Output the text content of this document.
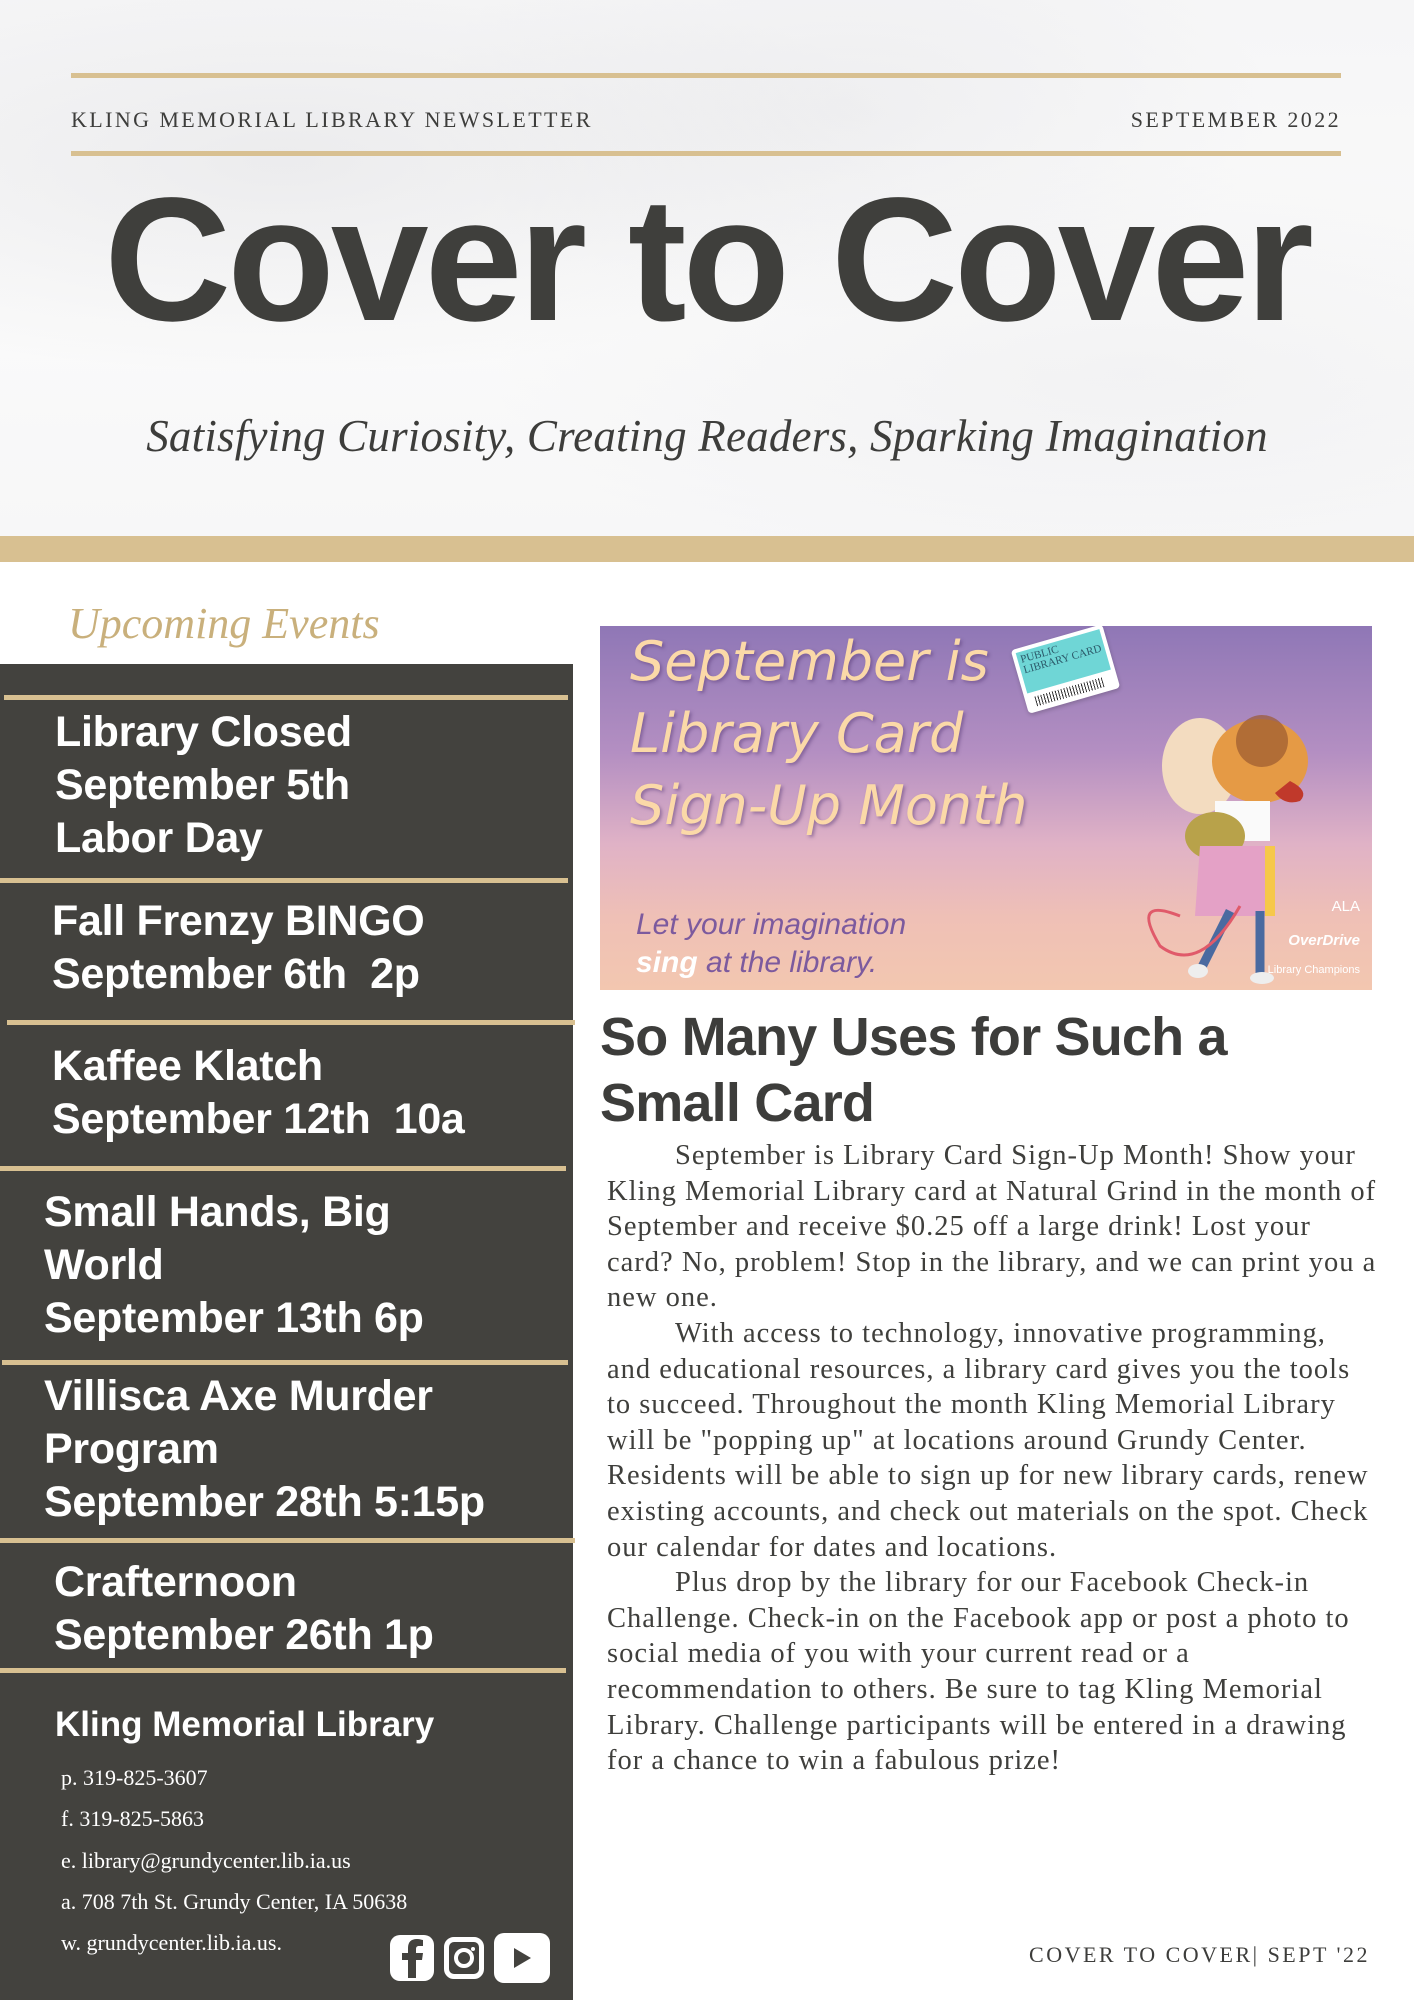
KLING MEMORIAL LIBRARY NEWSLETTER	SEPTEMBER 2022
Cover to Cover
Satisfying Curiosity, Creating Readers, Sparking Imagination
Upcoming Events
Library Closed
September 5th
Labor Day
Fall Frenzy BINGO
September 6th  2p
Kaffee Klatch
September 12th  10a
Small Hands, Big
World
September 13th 6p
Villisca Axe Murder
Program
September 28th 5:15p
Crafternoon
September 26th 1p
Kling Memorial Library
p. 319-825-3607
f. 319-825-5863
e. library@grundycenter.lib.ia.us
a. 708 7th St. Grundy Center, IA 50638
w. grundycenter.lib.ia.us.
September is
Library Card
Sign-Up Month
Let your imagination
sing at the library.
PUBLIC LIBRARY CARD
ALA
OverDrive
Library Champions
So Many Uses for Such a Small Card

September is Library Card Sign-Up Month! Show your Kling Memorial Library card at Natural Grind in the month of September and receive $0.25 off a large drink! Lost your card? No, problem! Stop in the library, and we can print you a new one.

With access to technology, innovative programming, and educational resources, a library card gives you the tools to succeed. Throughout the month Kling Memorial Library will be "popping up" at locations around Grundy Center. Residents will be able to sign up for new library cards, renew existing accounts, and check out materials on the spot. Check our calendar for dates and locations.

Plus drop by the library for our Facebook Check-in Challenge. Check-in on the Facebook app or post a photo to social media of you with your current read or a recommendation to others. Be sure to tag Kling Memorial Library. Challenge participants will be entered in a drawing for a chance to win a fabulous prize!

COVER TO COVER| SEPT '22
